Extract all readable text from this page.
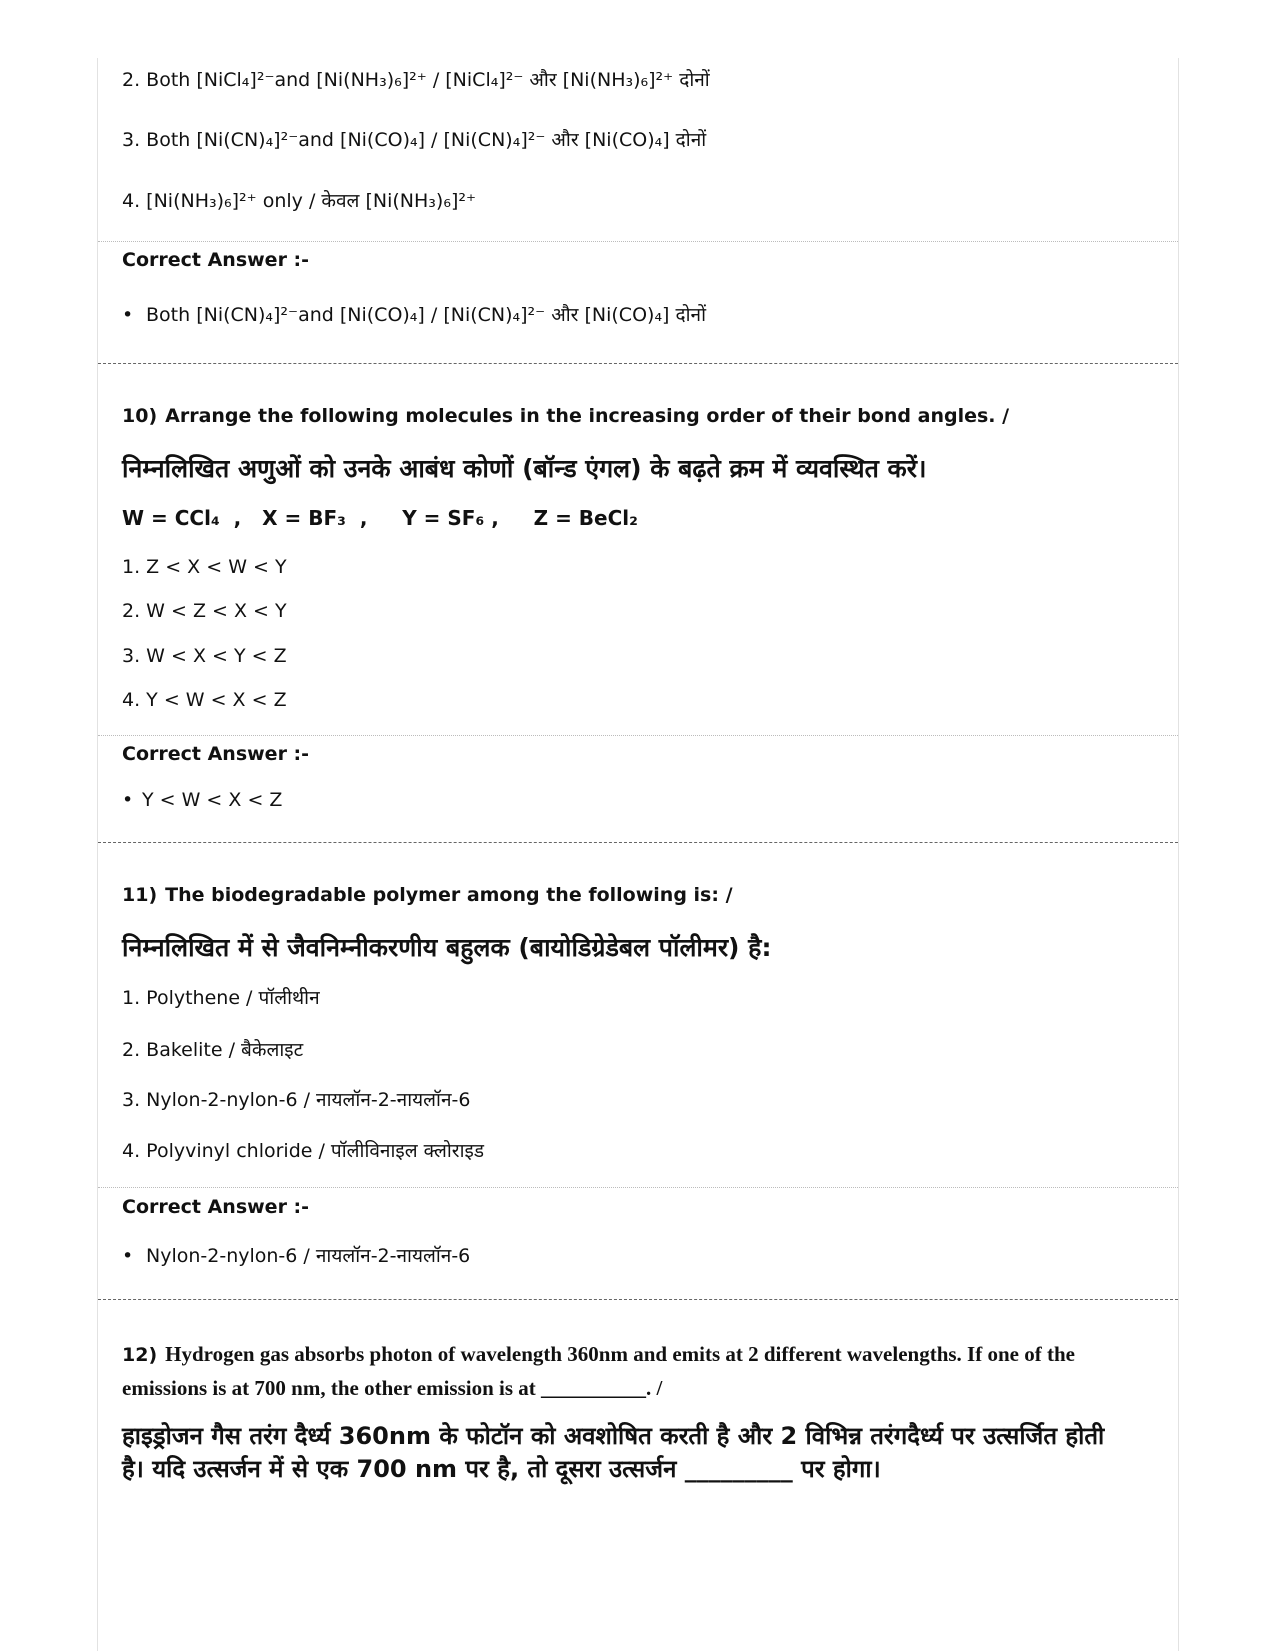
2. Both [NiCl₄]²⁻and [Ni(NH₃)₆]²⁺ / [NiCl₄]²⁻ और [Ni(NH₃)₆]²⁺ दोनों
3. Both [Ni(CN)₄]²⁻and [Ni(CO)₄] / [Ni(CN)₄]²⁻ और [Ni(CO)₄] दोनों
4. [Ni(NH₃)₆]²⁺ only / केवल [Ni(NH₃)₆]²⁺
Correct Answer :-
• Both [Ni(CN)₄]²⁻and [Ni(CO)₄] / [Ni(CN)₄]²⁻ और [Ni(CO)₄] दोनों
10) Arrange the following molecules in the increasing order of their bond angles. /
निम्नलिखित अणुओं को उनके आबंध कोणों (बॉन्ड एंगल) के बढ़ते क्रम में व्यवस्थित करें।
W = CCl₄  ,   X = BF₃  ,     Y = SF₆ ,     Z = BeCl₂
1. Z < X < W < Y
2. W < Z < X < Y
3. W < X < Y < Z
4. Y < W < X < Z
Correct Answer :-
• Y < W < X < Z
11) The biodegradable polymer among the following is: /
निम्नलिखित में से जैवनिम्नीकरणीय बहुलक (बायोडिग्रेडेबल पॉलीमर) है:
1. Polythene / पॉलीथीन
2. Bakelite / बैकेलाइट
3. Nylon-2-nylon-6 / नायलॉन-2-नायलॉन-6
4. Polyvinyl chloride / पॉलीविनाइल क्लोराइड
Correct Answer :-
• Nylon-2-nylon-6 / नायलॉन-2-नायलॉन-6
12) Hydrogen gas absorbs photon of wavelength 360nm and emits at 2 different wavelengths. If one of the emissions is at 700 nm, the other emission is at __________. /
हाइड्रोजन गैस तरंग दैर्ध्य 360nm के फोटॉन को अवशोषित करती है और 2 विभिन्न तरंगदैर्ध्य पर उत्सर्जित होती है। यदि उत्सर्जन में से एक 700 nm पर है, तो दूसरा उत्सर्जन _________ पर होगा।
